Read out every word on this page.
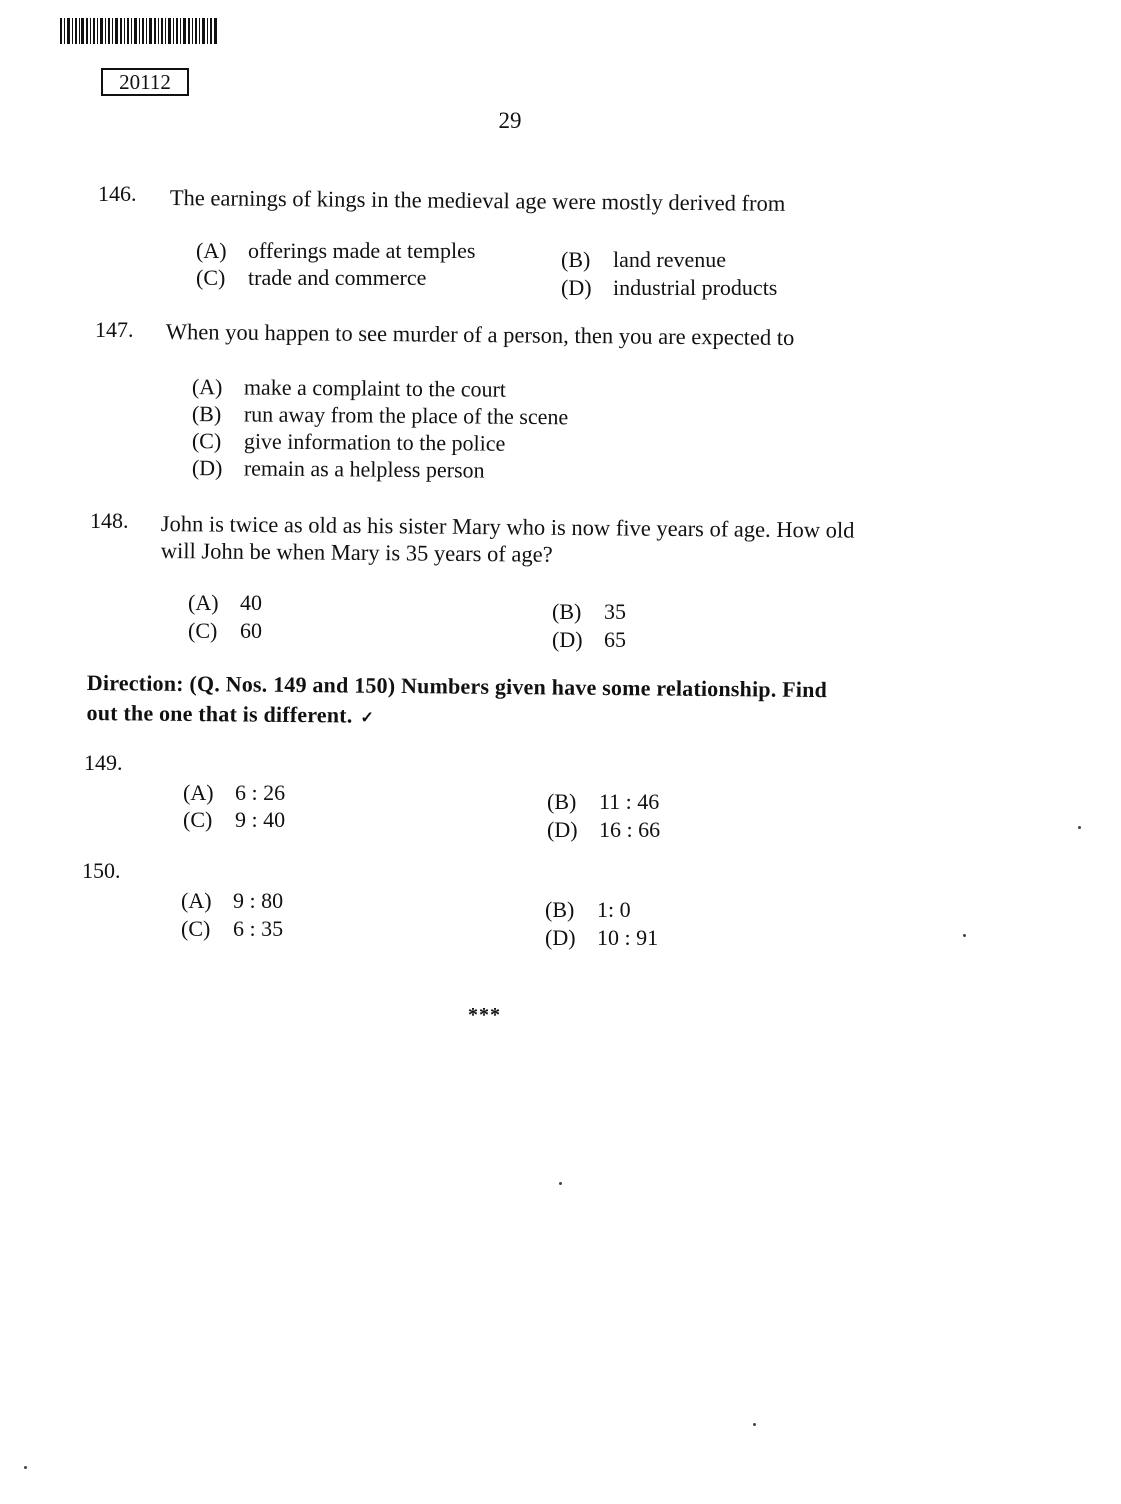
20112
29
146. The earnings of kings in the medieval age were mostly derived from
(A) offerings made at temples
(C) trade and commerce
(B) land revenue
(D) industrial products
147. When you happen to see murder of a person, then you are expected to
(A) make a complaint to the court
(B) run away from the place of the scene
(C) give information to the police
(D) remain as a helpless person
148. John is twice as old as his sister Mary who is now five years of age. How old
will John be when Mary is 35 years of age?
(A) 40
(C) 60
(B) 35
(D) 65
Direction: (Q. Nos. 149 and 150) Numbers given have some relationship. Find
out the one that is different. ✓
149.
(A) 6 : 26
(C) 9 : 40
(B) 11 : 46
(D) 16 : 66
150.
(A) 9 : 80
(C) 6 : 35
(B) 1: 0
(D) 10 : 91
***
